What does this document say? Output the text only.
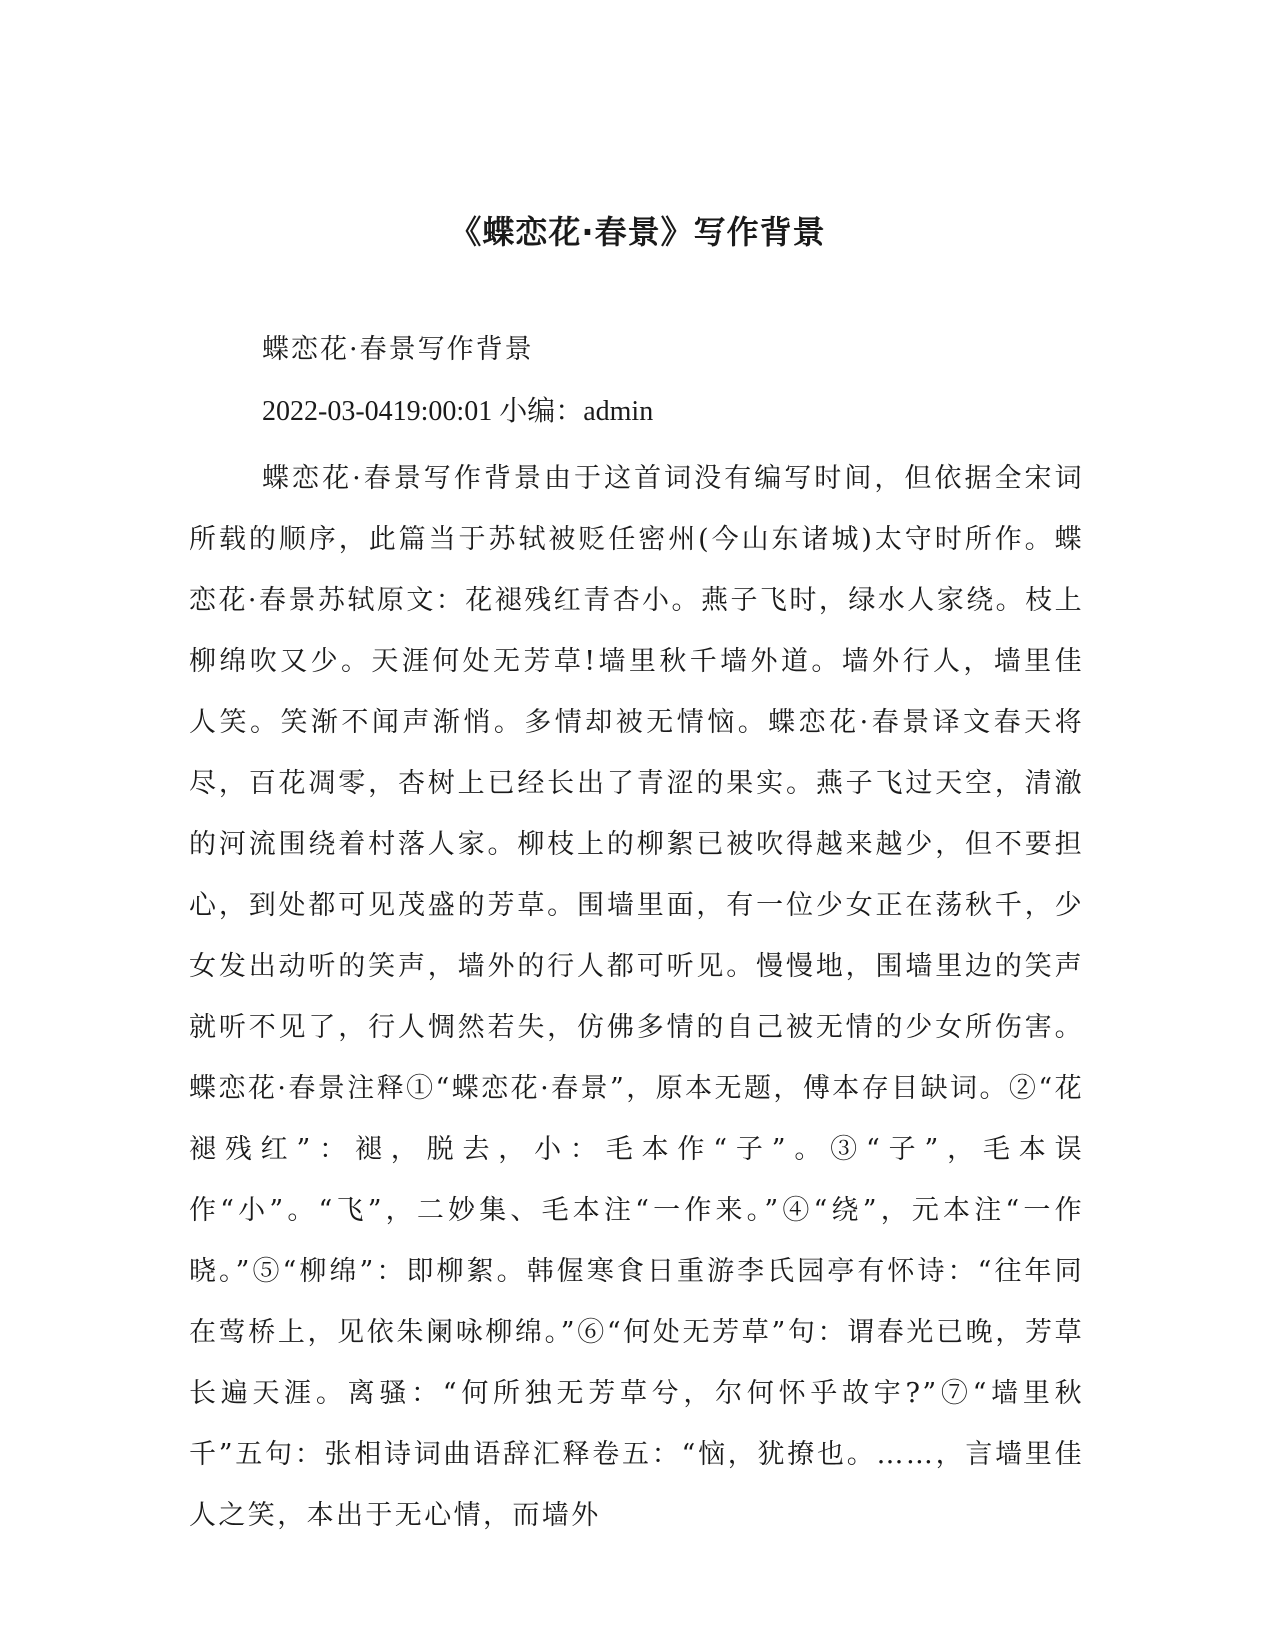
《蝶恋花·春景》写作背景
蝶恋花·春景写作背景
2022-03-0419:00:01 小编：admin

蝶恋花·春景写作背景由于这首词没有编写时间，但依据全宋词所载的顺序，此篇当于苏轼被贬任密州(今山东诸城)太守时所作。蝶恋花·春景苏轼原文：花褪残红青杏小。燕子飞时，绿水人家绕。枝上柳绵吹又少。天涯何处无芳草!墙里秋千墙外道。墙外行人，墙里佳人笑。笑渐不闻声渐悄。多情却被无情恼。蝶恋花·春景译文春天将尽，百花凋零，杏树上已经长出了青涩的果实。燕子飞过天空，清澈的河流围绕着村落人家。柳枝上的柳絮已被吹得越来越少，但不要担心，到处都可见茂盛的芳草。围墙里面，有一位少女正在荡秋千，少女发出动听的笑声，墙外的行人都可听见。慢慢地，围墙里边的笑声就听不见了，行人惆然若失，仿佛多情的自己被无情的少女所伤害。蝶恋花·春景注释①“蝶恋花·春景”，原本无题，傅本存目缺词。②“花褪残红”：褪，脱去，小：毛本作“子”。③“子”，毛本误作“小”。“飞”，二妙集、毛本注“一作来。”④“绕”，元本注“一作晓。”⑤“柳绵”：即柳絮。韩偓寒食日重游李氏园亭有怀诗：“往年同在莺桥上，见依朱阑咏柳绵。”⑥“何处无芳草”句：谓春光已晚，芳草长遍天涯。离骚：“何所独无芳草兮，尔何怀乎故宇?”⑦“墙里秋千”五句：张相诗词曲语辞汇释卷五：“恼，犹撩也。……，言墙里佳人之笑，本出于无心情，而墙外
